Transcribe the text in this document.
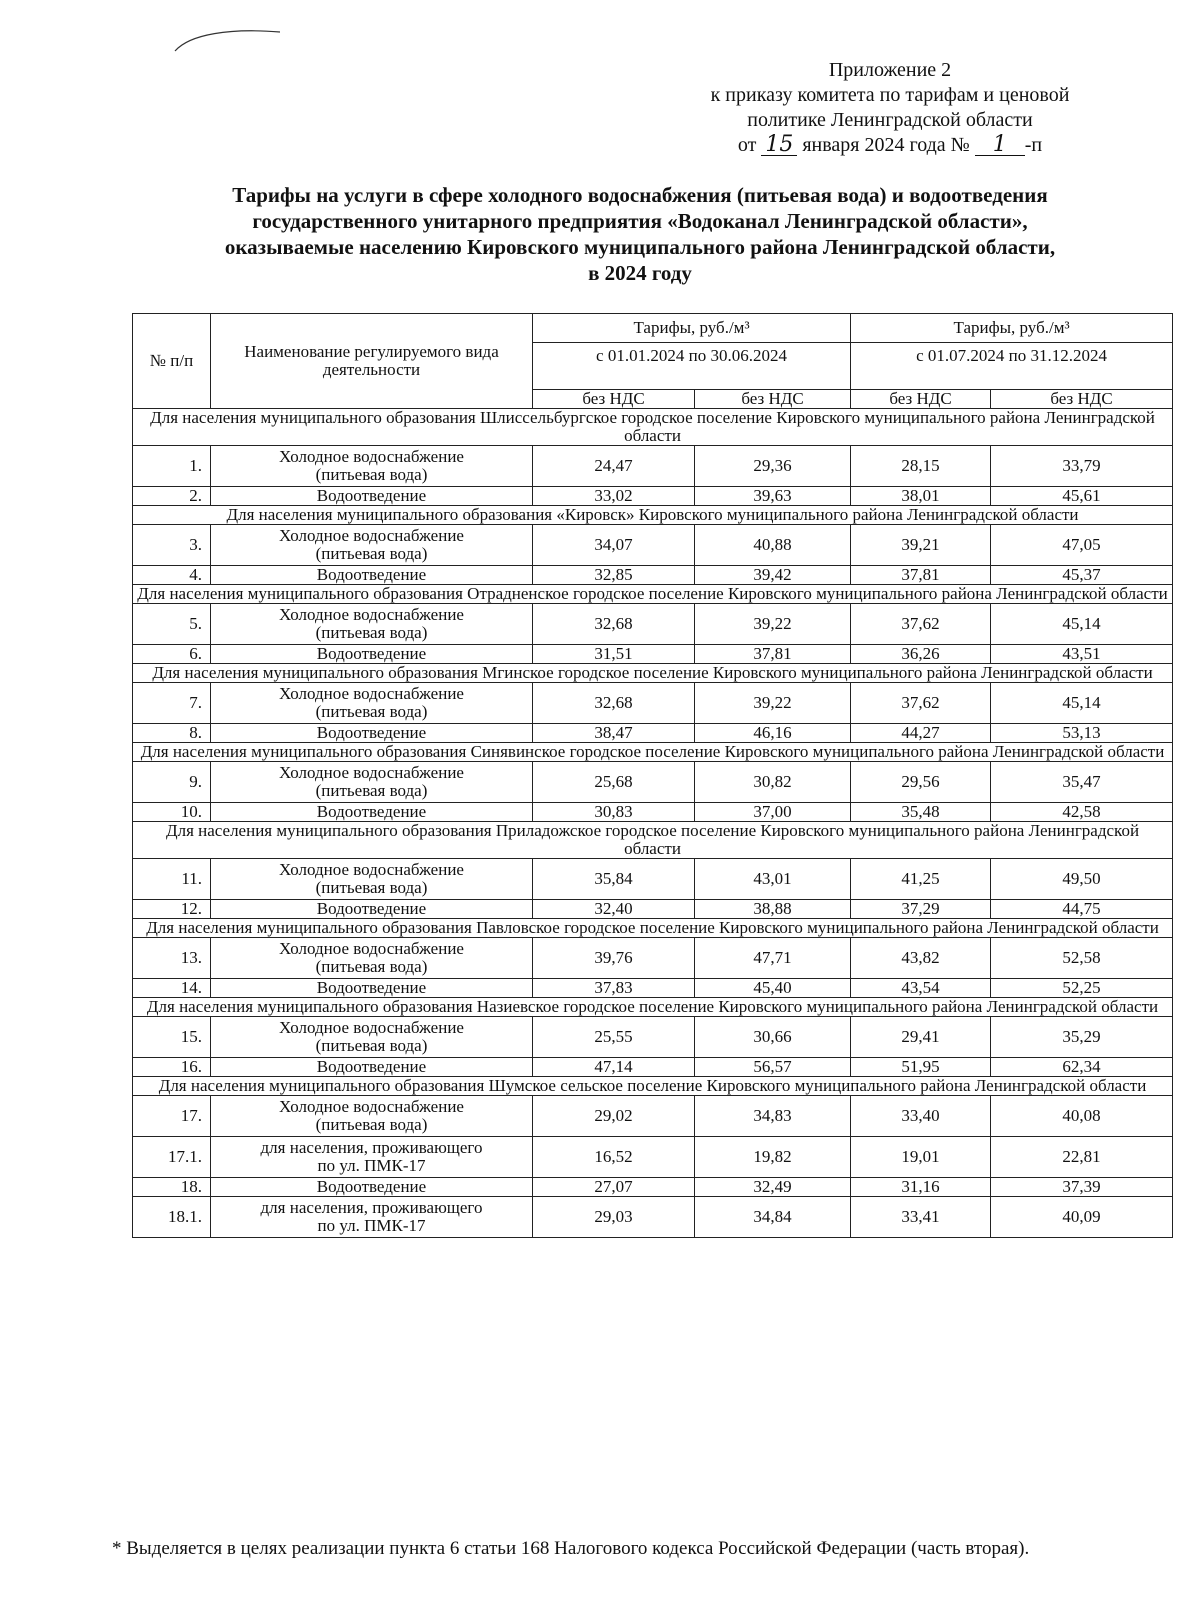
Приложение 2
к приказу комитета по тарифам и ценовой
политике Ленинградской области
от 15 января 2024 года № 1 -п
Тарифы на услуги в сфере холодного водоснабжения (питьевая вода) и водоотведения
государственного унитарного предприятия «Водоканал Ленинградской области»,
оказываемые населению Кировского муниципального района Ленинградской области,
в 2024 году
№ п/п	Наименование регулируемого вида деятельности	Тарифы, руб./м³		Тарифы, руб./м³	
		с 01.01.2024 по 30.06.2024		с 01.07.2024 по 31.12.2024	
		без НДС	без НДС	без НДС	без НДС
Для населения муниципального образования Шлиссельбургское городское поселение Кировского муниципального района Ленинградской области					
1.	Холодное водоснабжение (питьевая вода)	24,47	29,36	28,15	33,79
2.	Водоотведение	33,02	39,63	38,01	45,61
Для населения муниципального образования «Кировск» Кировского муниципального района Ленинградской области					
3.	Холодное водоснабжение (питьевая вода)	34,07	40,88	39,21	47,05
4.	Водоотведение	32,85	39,42	37,81	45,37
Для населения муниципального образования Отрадненское городское поселение Кировского муниципального района Ленинградской области					
5.	Холодное водоснабжение (питьевая вода)	32,68	39,22	37,62	45,14
6.	Водоотведение	31,51	37,81	36,26	43,51
Для населения муниципального образования Мгинское городское поселение Кировского муниципального района Ленинградской области					
7.	Холодное водоснабжение (питьевая вода)	32,68	39,22	37,62	45,14
8.	Водоотведение	38,47	46,16	44,27	53,13
Для населения муниципального образования Синявинское городское поселение Кировского муниципального района Ленинградской области					
9.	Холодное водоснабжение (питьевая вода)	25,68	30,82	29,56	35,47
10.	Водоотведение	30,83	37,00	35,48	42,58
Для населения муниципального образования Приладожское городское поселение Кировского муниципального района Ленинградской области					
11.	Холодное водоснабжение (питьевая вода)	35,84	43,01	41,25	49,50
12.	Водоотведение	32,40	38,88	37,29	44,75
Для населения муниципального образования Павловское городское поселение Кировского муниципального района Ленинградской области					
13.	Холодное водоснабжение (питьевая вода)	39,76	47,71	43,82	52,58
14.	Водоотведение	37,83	45,40	43,54	52,25
Для населения муниципального образования Назиевское городское поселение Кировского муниципального района Ленинградской области					
15.	Холодное водоснабжение (питьевая вода)	25,55	30,66	29,41	35,29
16.	Водоотведение	47,14	56,57	51,95	62,34
Для населения муниципального образования Шумское сельское поселение Кировского муниципального района Ленинградской области					
17.	Холодное водоснабжение (питьевая вода)	29,02	34,83	33,40	40,08
17.1.	для населения, проживающего по ул. ПМК-17	16,52	19,82	19,01	22,81
18.	Водоотведение	27,07	32,49	31,16	37,39
18.1.	для населения, проживающего по ул. ПМК-17	29,03	34,84	33,41	40,09
* Выделяется в целях реализации пункта 6 статьи 168 Налогового кодекса Российской Федерации (часть вторая).
